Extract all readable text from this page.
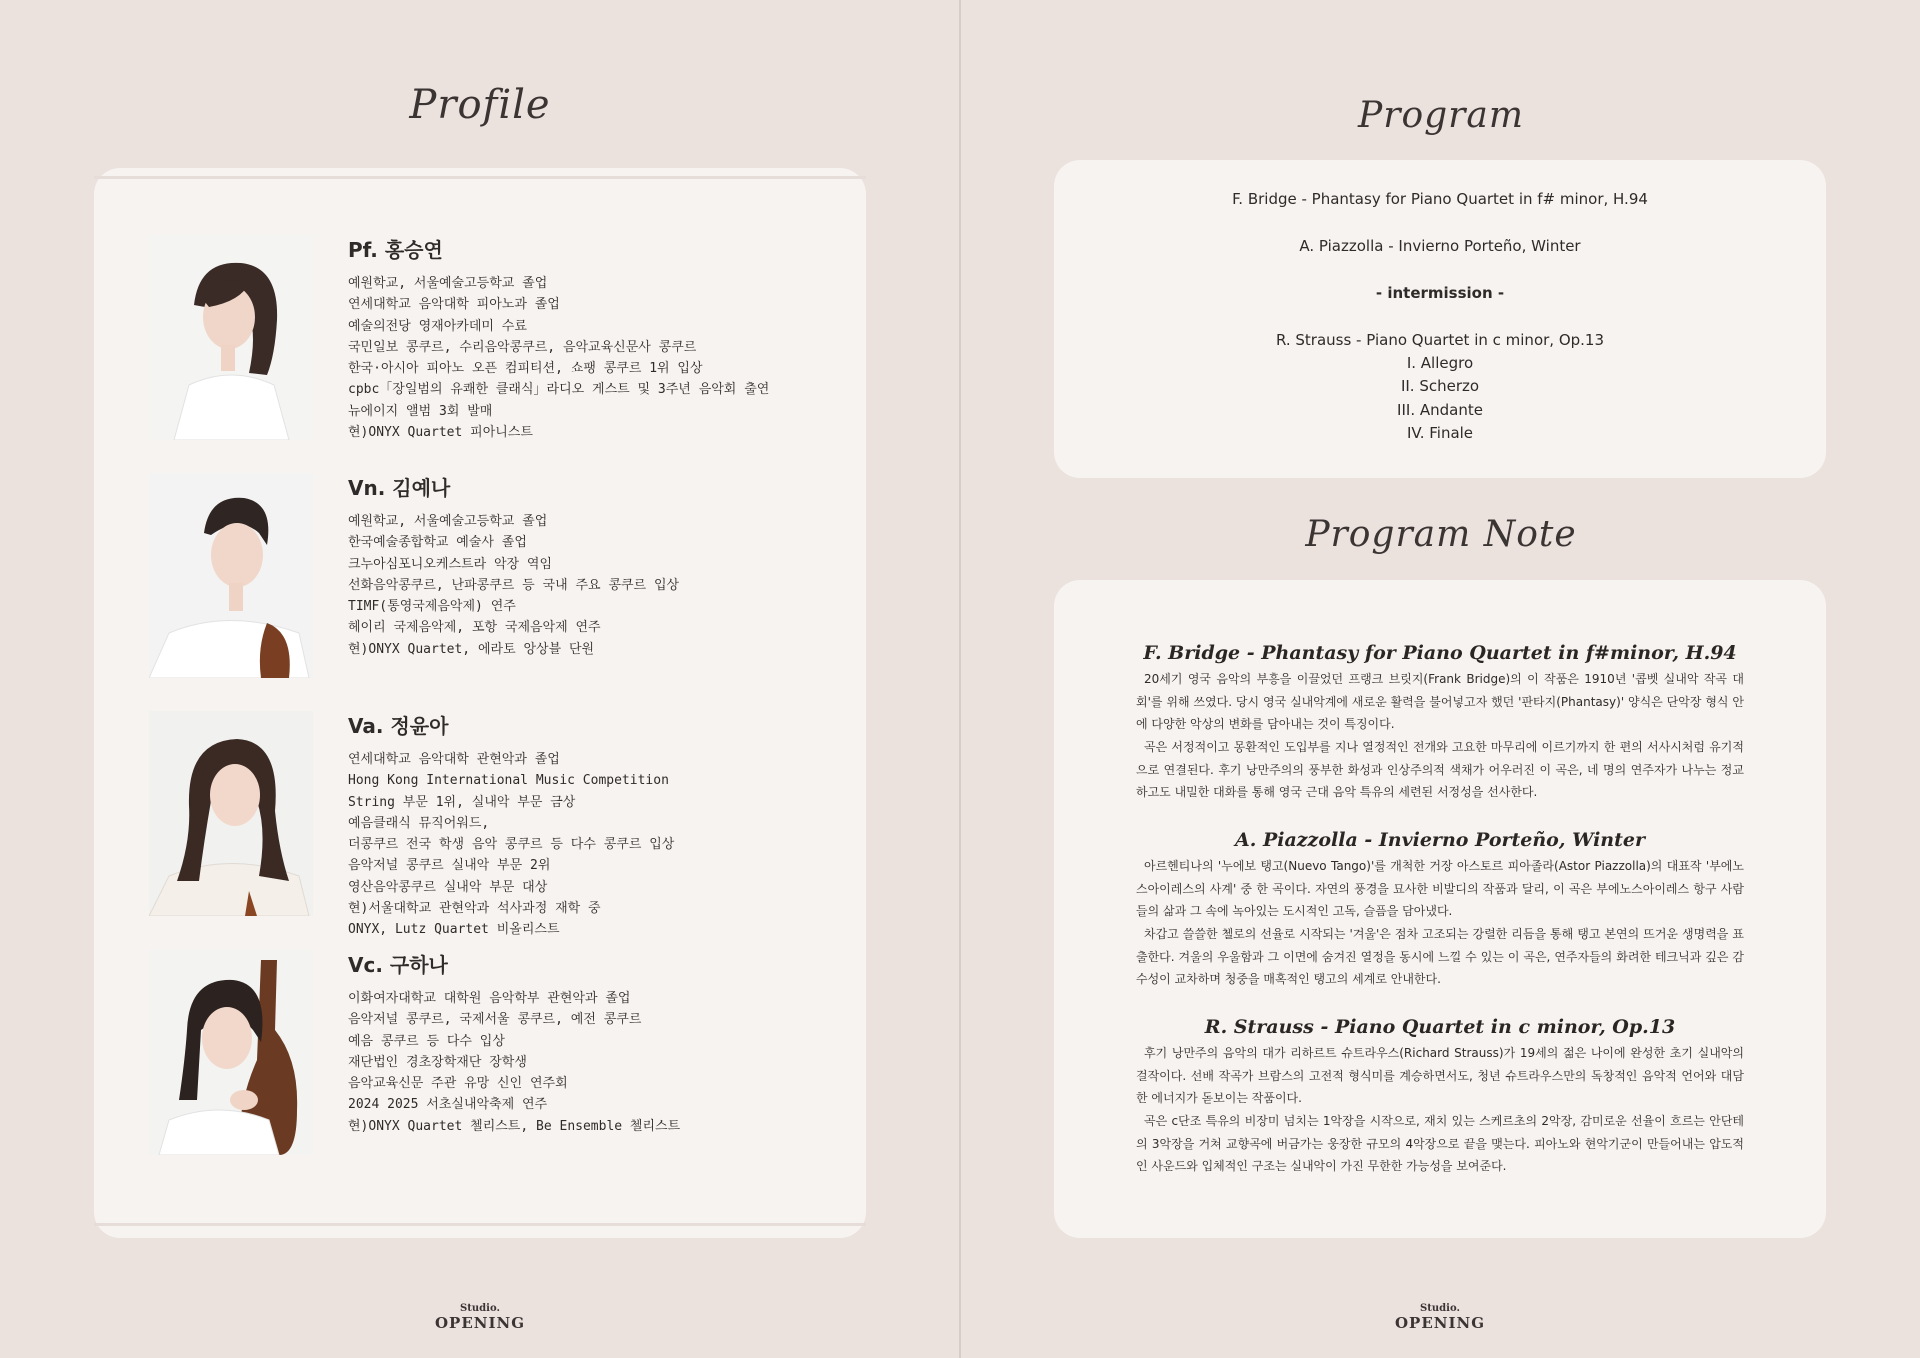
Profile
Pf. 홍승연
예원학교, 서울예술고등학교 졸업
연세대학교 음악대학 피아노과 졸업
예술의전당 영재아카데미 수료
국민일보 콩쿠르, 수리음악콩쿠르, 음악교육신문사 콩쿠르
한국·아시아 피아노 오픈 컴피티션, 쇼팽 콩쿠르 1위 입상
cpbc「장일범의 유쾌한 클래식」라디오 게스트 및 3주년 음악회 출연
뉴에이지 앨범 3회 발매
현)ONYX Quartet 피아니스트
Vn. 김예나
예원학교, 서울예술고등학교 졸업
한국예술종합학교 예술사 졸업
크누아심포니오케스트라 악장 역임
선화음악콩쿠르, 난파콩쿠르 등 국내 주요 콩쿠르 입상
TIMF(통영국제음악제) 연주
헤이리 국제음악제, 포항 국제음악제 연주
현)ONYX Quartet, 에라토 앙상블 단원
Va. 정윤아
연세대학교 음악대학 관현악과 졸업
Hong Kong International Music Competition
String 부문 1위, 실내악 부문 금상
예음클래식 뮤직어워드,
더콩쿠르 전국 학생 음악 콩쿠르 등 다수 콩쿠르 입상
음악저널 콩쿠르 실내악 부문 2위
영산음악콩쿠르 실내악 부문 대상
현)서울대학교 관현악과 석사과정 재학 중
ONYX, Lutz Quartet 비올리스트
Vc. 구하나
이화여자대학교 대학원 음악학부 관현악과 졸업
음악저널 콩쿠르, 국제서울 콩쿠르, 예전 콩쿠르
예음 콩쿠르 등 다수 입상
재단법인 경초장학재단 장학생
음악교육신문 주관 유망 신인 연주회
2024 2025 서초실내악축제 연주
현)ONYX Quartet 첼리스트, Be Ensemble 첼리스트
Studio.
OPENING
Program
F. Bridge - Phantasy for Piano Quartet in f# minor, H.94
A. Piazzolla - Invierno Porteño, Winter
- intermission -
R. Strauss - Piano Quartet in c minor, Op.13
I. Allegro
II. Scherzo
III. Andante
IV. Finale
Program Note
F. Bridge - Phantasy for Piano Quartet in f#minor, H.94

20세기 영국 음악의 부흥을 이끌었던 프랭크 브릿지(Frank Bridge)의 이 작품은 1910년 '콥벳 실내악 작곡 대회'를 위해 쓰였다. 당시 영국 실내악계에 새로운 활력을 불어넣고자 했던 '판타지(Phantasy)' 양식은 단악장 형식 안에 다양한 악상의 변화를 담아내는 것이 특징이다.

곡은 서정적이고 몽환적인 도입부를 지나 열정적인 전개와 고요한 마무리에 이르기까지 한 편의 서사시처럼 유기적으로 연결된다. 후기 낭만주의의 풍부한 화성과 인상주의적 색채가 어우러진 이 곡은, 네 명의 연주자가 나누는 정교하고도 내밀한 대화를 통해 영국 근대 음악 특유의 세련된 서정성을 선사한다.

A. Piazzolla - Invierno Porteño, Winter

아르헨티나의 '누에보 탱고(Nuevo Tango)'를 개척한 거장 아스토르 피아졸라(Astor Piazzolla)의 대표작 '부에노스아이레스의 사계' 중 한 곡이다. 자연의 풍경을 묘사한 비발디의 작품과 달리, 이 곡은 부에노스아이레스 항구 사람들의 삶과 그 속에 녹아있는 도시적인 고독, 슬픔을 담아냈다.

차갑고 쓸쓸한 첼로의 선율로 시작되는 '겨울'은 점차 고조되는 강렬한 리듬을 통해 탱고 본연의 뜨거운 생명력을 표출한다. 겨울의 우울함과 그 이면에 숨겨진 열정을 동시에 느낄 수 있는 이 곡은, 연주자들의 화려한 테크닉과 깊은 감수성이 교차하며 청중을 매혹적인 탱고의 세계로 안내한다.

R. Strauss - Piano Quartet in c minor, Op.13

후기 낭만주의 음악의 대가 리하르트 슈트라우스(Richard Strauss)가 19세의 젊은 나이에 완성한 초기 실내악의 걸작이다. 선배 작곡가 브람스의 고전적 형식미를 계승하면서도, 청년 슈트라우스만의 독창적인 음악적 언어와 대담한 에너지가 돋보이는 작품이다.

곡은 c단조 특유의 비장미 넘치는 1악장을 시작으로, 재치 있는 스케르초의 2악장, 감미로운 선율이 흐르는 안단테의 3악장을 거쳐 교향곡에 버금가는 웅장한 규모의 4악장으로 끝을 맺는다. 피아노와 현악기군이 만들어내는 압도적인 사운드와 입체적인 구조는 실내악이 가진 무한한 가능성을 보여준다.

Studio.
OPENING
